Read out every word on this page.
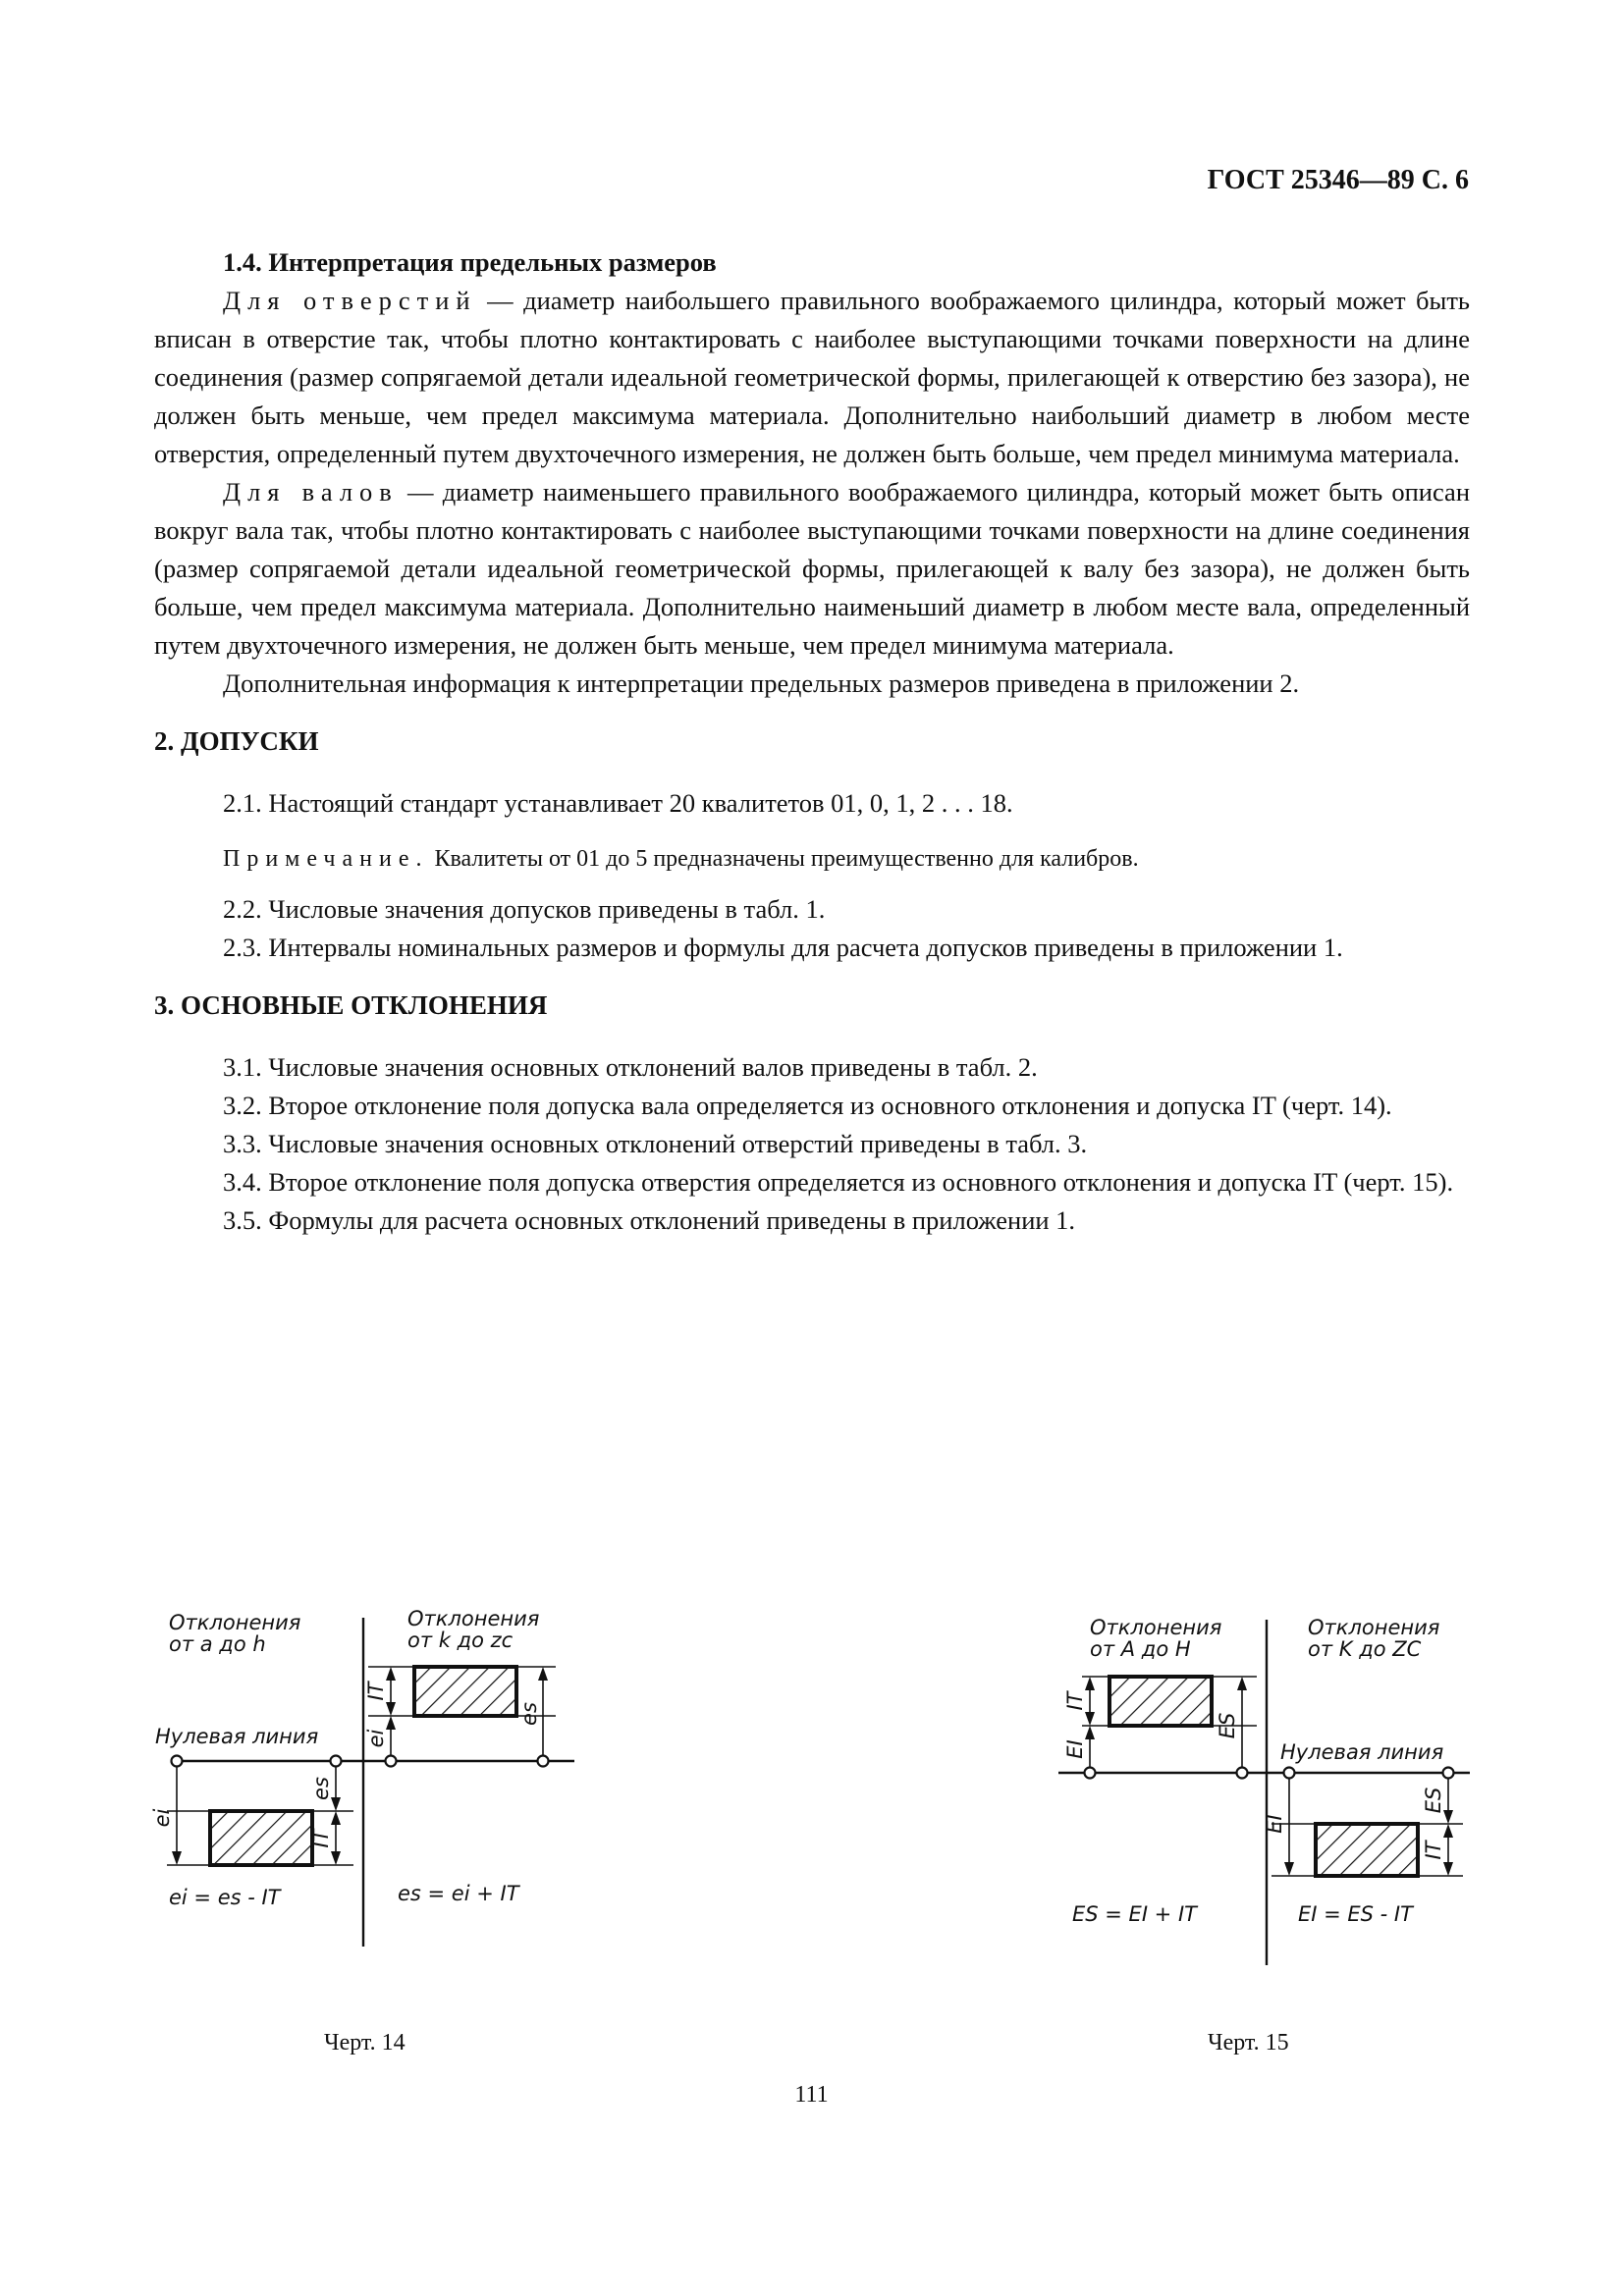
ГОСТ 25346—89 С. 6

1.4. Интерпретация предельных размеров

Для отверстий — диаметр наибольшего правильного воображаемого цилиндра, который может быть вписан в отверстие так, чтобы плотно контактировать с наиболее выступающими точками поверхности на длине соединения (размер сопрягаемой детали идеальной геометрической формы, прилегающей к отверстию без зазора), не должен быть меньше, чем предел максимума материала. Дополнительно наибольший диаметр в любом месте отверстия, определенный путем двухточечного измерения, не должен быть больше, чем предел минимума материала.

Для валов — диаметр наименьшего правильного воображаемого цилиндра, который может быть описан вокруг вала так, чтобы плотно контактировать с наиболее выступающими точками поверхности на длине соединения (размер сопрягаемой детали идеальной геометрической формы, прилегающей к валу без зазора), не должен быть больше, чем предел максимума материала. Дополнительно наименьший диаметр в любом месте вала, определенный путем двухточечного измерения, не должен быть меньше, чем предел минимума материала.

Дополнительная информация к интерпретации предельных размеров приведена в приложении 2.

2. ДОПУСКИ

2.1. Настоящий стандарт устанавливает 20 квалитетов 01, 0, 1, 2 . . . 18.

Примечание. Квалитеты от 01 до 5 предназначены преимущественно для калибров.

2.2. Числовые значения допусков приведены в табл. 1.

2.3. Интервалы номинальных размеров и формулы для расчета допусков приведены в приложении 1.

3. ОСНОВНЫЕ ОТКЛОНЕНИЯ

3.1. Числовые значения основных отклонений валов приведены в табл. 2.

3.2. Второе отклонение поля допуска вала определяется из основного отклонения и допуска IT (черт. 14).

3.3. Числовые значения основных отклонений отверстий приведены в табл. 3.

3.4. Второе отклонение поля допуска отверстия определяется из основного отклонения и допуска IT (черт. 15).

3.5. Формулы для расчета основных отклонений приведены в приложении 1.

Отклонения
от a до h
Отклонения
от k до zc
Нулевая линия
ei
es
IT
IT
ei
es
ei = es - IT	es = ei + IT
Отклонения
от A до H
Отклонения
от K до ZC
Нулевая линия
IT
EI
ES
EI
ES
IT
ES = EI + IT	EI = ES - IT
Черт. 14	Черт. 15
111
